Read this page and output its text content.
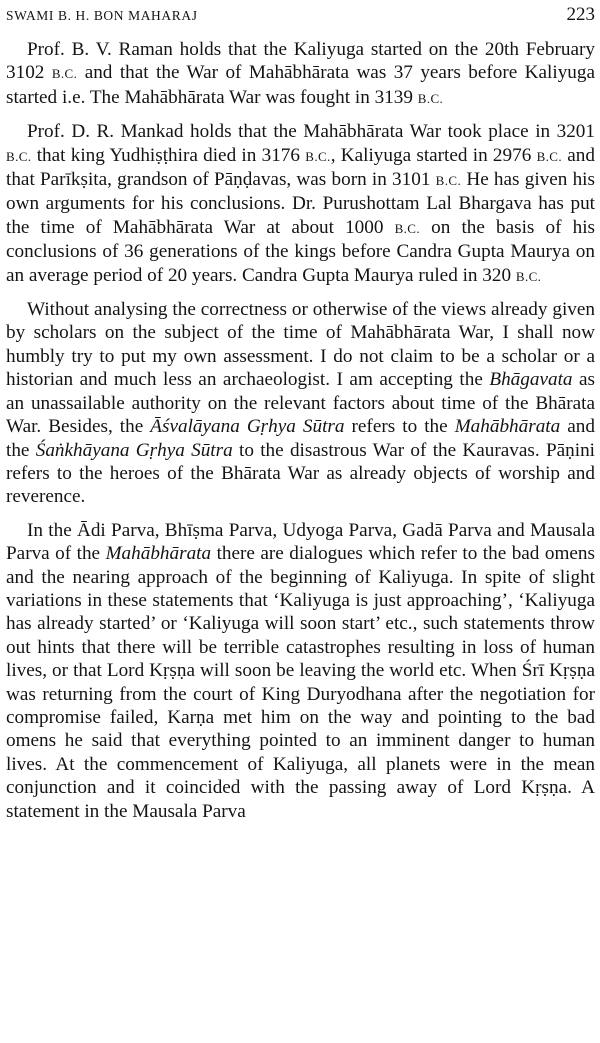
SWAMI B. H. BON MAHARAJ	223

Prof. B. V. Raman holds that the Kaliyuga started on the 20th February 3102 B.C. and that the War of Mahābhārata was 37 years before Kaliyuga started i.e. The Mahābhārata War was fought in 3139 B.C.

Prof. D. R. Mankad holds that the Mahābhārata War took place in 3201 B.C. that king Yudhiṣṭhira died in 3176 B.C., Kaliyuga started in 2976 B.C. and that Parīkṣita, grandson of Pāṇḍavas, was born in 3101 B.C. He has given his own arguments for his conclusions. Dr. Purushottam Lal Bhargava has put the time of Mahābhārata War at about 1000 B.C. on the basis of his conclusions of 36 generations of the kings before Candra Gupta Maurya on an average period of 20 years. Candra Gupta Maurya ruled in 320 B.C.

Without analysing the correctness or otherwise of the views already given by scholars on the subject of the time of Mahābhārata War, I shall now humbly try to put my own assessment. I do not claim to be a scholar or a historian and much less an archaeologist. I am accepting the Bhāgavata as an unassailable authority on the relevant factors about time of the Bhārata War. Besides, the Āśvalāyana Gṛhya Sūtra refers to the Mahābhārata and the Śaṅkhāyana Gṛhya Sūtra to the disastrous War of the Kauravas. Pāṇini refers to the heroes of the Bhārata War as already objects of worship and reverence.

In the Ādi Parva, Bhīṣma Parva, Udyoga Parva, Gadā Parva and Mausala Parva of the Mahābhārata there are dialogues which refer to the bad omens and the nearing approach of the beginning of Kaliyuga. In spite of slight variations in these statements that ‘Kaliyuga is just approaching’, ‘Kaliyuga has already started’ or ‘Kaliyuga will soon start’ etc., such statements throw out hints that there will be terrible catastrophes resulting in loss of human lives, or that Lord Kṛṣṇa will soon be leaving the world etc. When Śrī Kṛṣṇa was returning from the court of King Duryodhana after the negotiation for compromise failed, Karṇa met him on the way and pointing to the bad omens he said that everything pointed to an imminent danger to human lives. At the commencement of Kaliyuga, all planets were in the mean conjunction and it coincided with the passing away of Lord Kṛṣṇa. A statement in the Mausala Parva
